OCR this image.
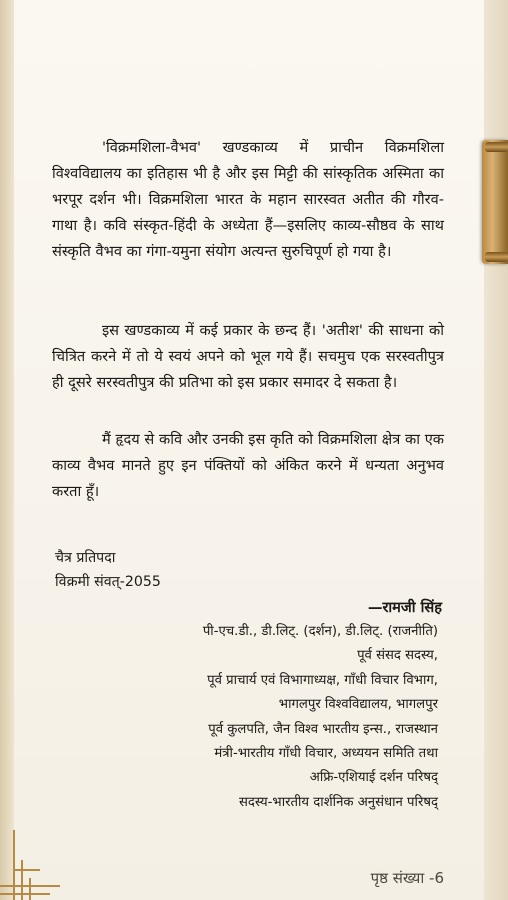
'विक्रमशिला-वैभव' खण्डकाव्य में प्राचीन विक्रमशिला विश्वविद्यालय का इतिहास भी है और इस मिट्टी की सांस्कृतिक अस्मिता का भरपूर दर्शन भी। विक्रमशिला भारत के महान सारस्वत अतीत की गौरव-गाथा है। कवि संस्कृत-हिंदी के अध्येता हैं—इसलिए काव्य-सौष्ठव के साथ संस्कृति वैभव का गंगा-यमुना संयोग अत्यन्त सुरुचिपूर्ण हो गया है।

इस खण्डकाव्य में कई प्रकार के छन्द हैं। 'अतीश' की साधना को चित्रित करने में तो ये स्वयं अपने को भूल गये हैं। सचमुच एक सरस्वतीपुत्र ही दूसरे सरस्वतीपुत्र की प्रतिभा को इस प्रकार समादर दे सकता है।

मैं हृदय से कवि और उनकी इस कृति को विक्रमशिला क्षेत्र का एक काव्य वैभव मानते हुए इन पंक्तियों को अंकित करने में धन्यता अनुभव करता हूँ।

चैत्र प्रतिपदा
विक्रमी संवत्-2055
—रामजी सिंह
पी-एच.डी., डी.लिट्. (दर्शन), डी.लिट्. (राजनीति)
पूर्व संसद सदस्य,
पूर्व प्राचार्य एवं विभागाध्यक्ष, गाँधी विचार विभाग,
भागलपुर विश्वविद्यालय, भागलपुर
पूर्व कुलपति, जैन विश्व भारतीय इन्स., राजस्थान
मंत्री-भारतीय गाँधी विचार, अध्ययन समिति तथा
अफ्रि-एशियाई दर्शन परिषद्
सदस्य-भारतीय दार्शनिक अनुसंधान परिषद्
पृष्ठ संख्या -6
